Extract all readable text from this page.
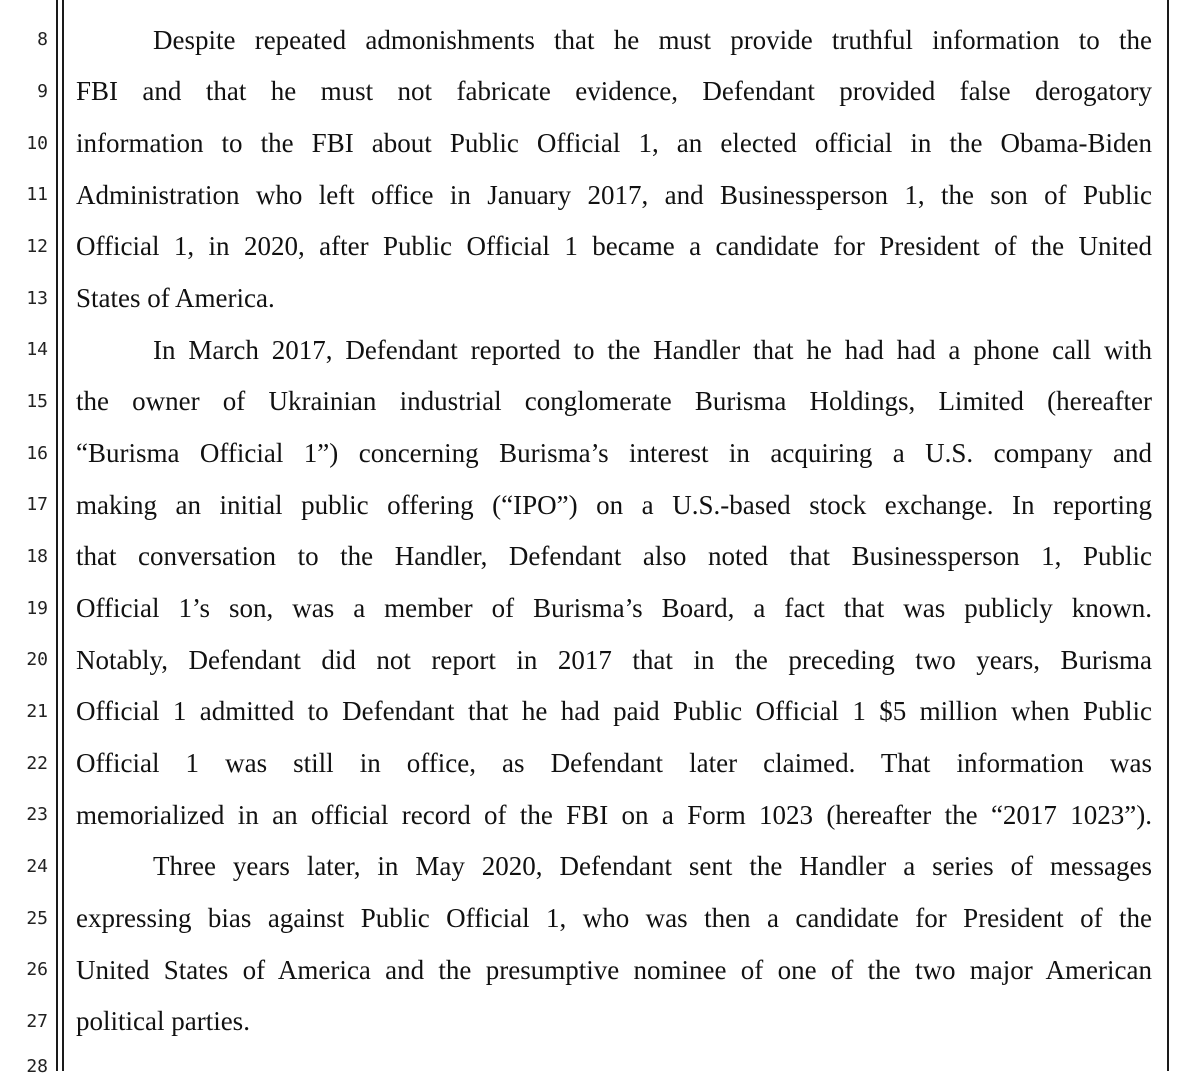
8
9
10
11
12
13
14
15
16
17
18
19
20
21
22
23
24
25
26
27
28
Despite repeated admonishments that he must provide truthful information to the
FBI and that he must not fabricate evidence, Defendant provided false derogatory
information to the FBI about Public Official 1, an elected official in the Obama-Biden
Administration who left office in January 2017, and Businessperson 1, the son of Public
Official 1, in 2020, after Public Official 1 became a candidate for President of the United
States of America.
In March 2017, Defendant reported to the Handler that he had had a phone call with
the owner of Ukrainian industrial conglomerate Burisma Holdings, Limited (hereafter
“Burisma Official 1”) concerning Burisma’s interest in acquiring a U.S. company and
making an initial public offering (“IPO”) on a U.S.-based stock exchange. In reporting
that conversation to the Handler, Defendant also noted that Businessperson 1, Public
Official 1’s son, was a member of Burisma’s Board, a fact that was publicly known.
Notably, Defendant did not report in 2017 that in the preceding two years, Burisma
Official 1 admitted to Defendant that he had paid Public Official 1 $5 million when Public
Official 1 was still in office, as Defendant later claimed. That information was
memorialized in an official record of the FBI on a Form 1023 (hereafter the “2017 1023”).
Three years later, in May 2020, Defendant sent the Handler a series of messages
expressing bias against Public Official 1, who was then a candidate for President of the
United States of America and the presumptive nominee of one of the two major American
political parties.
